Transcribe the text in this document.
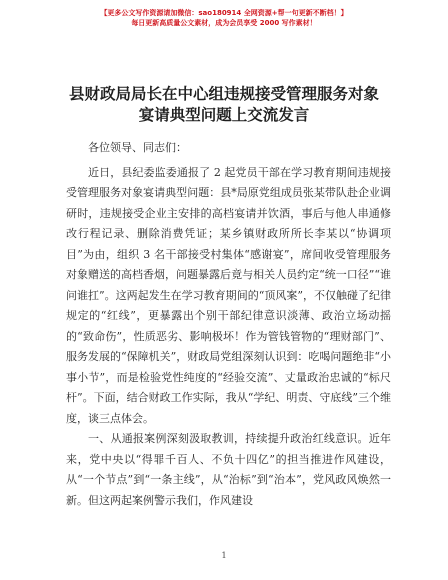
【更多公文写作资源请加微信：sao180914 全网资源+帮一句更新不断档！】
每日更新高质量公文素材，成为会员享受 2000 写作素材！
县财政局局长在中心组违规接受管理服务对象
宴请典型问题上交流发言

各位领导、同志们：

近日，县纪委监委通报了 2 起党员干部在学习教育期间违规接受管理服务对象宴请典型问题：县*局原党组成员张某带队赴企业调研时，违规接受企业主安排的高档宴请并饮酒，事后与他人串通修改行程记录、删除消费凭证；某乡镇财政所所长李某以“协调项目”为由，组织 3 名干部接受村集体“感谢宴”，席间收受管理服务对象赠送的高档香烟，问题暴露后竟与相关人员约定“统一口径”“谁问谁扛”。这两起发生在学习教育期间的“顶风案”，不仅触碰了纪律规定的“红线”，更暴露出个别干部纪律意识淡薄、政治立场动摇的“致命伤”，性质恶劣、影响极坏！作为管钱管物的“理财部门”、服务发展的“保障机关”，财政局党组深刻认识到：吃喝问题绝非“小事小节”，而是检验党性纯度的“经验交流”、丈量政治忠诚的“标尺杆”。下面，结合财政工作实际，我从“学纪、明责、守底线”三个维度，谈三点体会。

一、从通报案例深刻汲取教训，持续提升政治红线意识。近年来，党中央以“得罪千百人、不负十四亿”的担当推进作风建设，从“一个节点”到“一条主线”，从“治标”到“治本”，党风政风焕然一新。但这两起案例警示我们，作风建设

1
